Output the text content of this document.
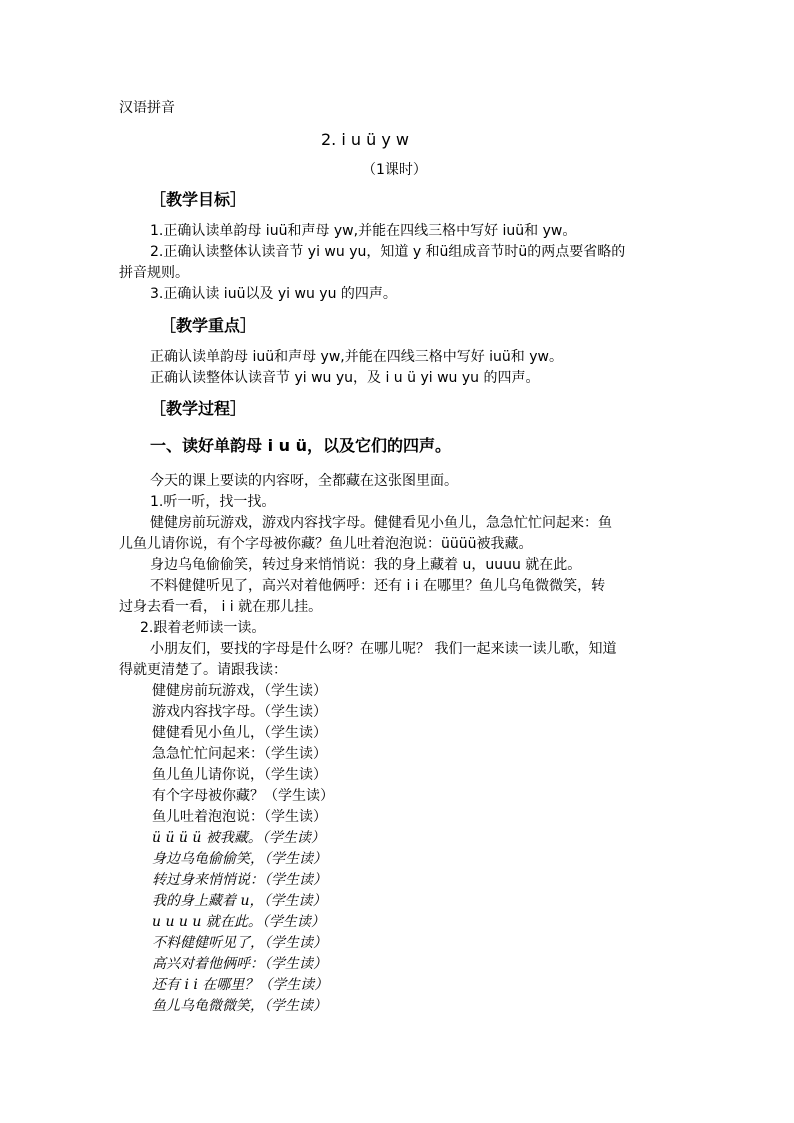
汉语拼音
2. i u ü y w
（1课时）
［教学目标］
1.正确认读单韵母 iuü和声母 yw,并能在四线三格中写好 iuü和 yw。
2.正确认读整体认读音节 yi wu yu，知道 y 和ü组成音节时ü的两点要省略的
拼音规则。
3.正确认读 iuü以及 yi wu yu 的四声。
［教学重点］
正确认读单韵母 iuü和声母 yw,并能在四线三格中写好 iuü和 yw。
正确认读整体认读音节 yi wu yu，及 i u ü yi wu yu 的四声。
［教学过程］
一、读好单韵母 i u ü，以及它们的四声。
今天的课上要读的内容呀，全都藏在这张图里面。
1.听一听，找一找。
健健房前玩游戏，游戏内容找字母。健健看见小鱼儿，急急忙忙问起来：鱼
儿鱼儿请你说，有个字母被你藏？鱼儿吐着泡泡说：üüüü被我藏。
身边乌龟偷偷笑，转过身来悄悄说：我的身上藏着 u，uuuu 就在此。
不料健健听见了，高兴对着他俩呼：还有 i i 在哪里？鱼儿乌龟微微笑，转
过身去看一看， i i 就在那儿挂。
2.跟着老师读一读。
小朋友们，要找的字母是什么呀？在哪儿呢？ 我们一起来读一读儿歌，知道
得就更清楚了。请跟我读：
健健房前玩游戏，（学生读）
游戏内容找字母。（学生读）
健健看见小鱼儿，（学生读）
急急忙忙问起来：（学生读）
鱼儿鱼儿请你说，（学生读）
有个字母被你藏？（学生读）
鱼儿吐着泡泡说：（学生读）
ü ü ü ü 被我藏。（学生读）
身边乌龟偷偷笑，（学生读）
转过身来悄悄说：（学生读）
我的身上藏着 u，（学生读）
u u u u 就在此。（学生读）
不料健健听见了，（学生读）
高兴对着他俩呼：（学生读）
还有 i i 在哪里？（学生读）
鱼儿乌龟微微笑，（学生读）
